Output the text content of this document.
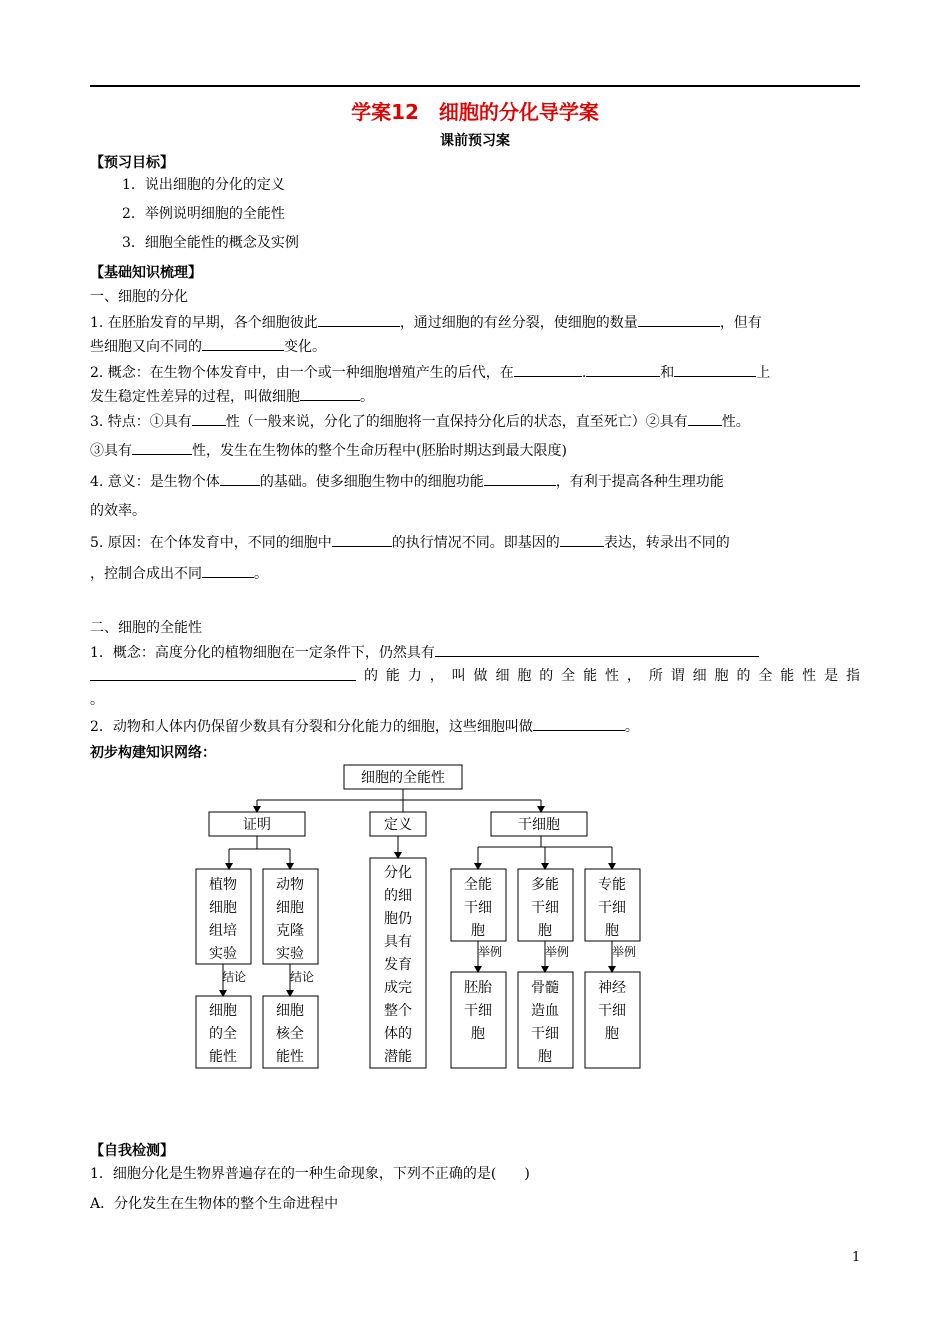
学案12　细胞的分化导学案
课前预习案
【预习目标】
1．说出细胞的分化的定义
2．举例说明细胞的全能性
3．细胞全能性的概念及实例
【基础知识梳理】
一、细胞的分化
1. 在胚胎发育的早期，各个细胞彼此	，通过细胞的有丝分裂，使细胞的数量	，但有
些细胞又向不同的	变化。
2. 概念：在生物个体发育中，由一个或一种细胞增殖产生的后代，在	.	和	上
发生稳定性差异的过程，叫做细胞	。
3. 特点：①具有 性（一般来说，分化了的细胞将一直保持分化后的状态，直至死亡）②具有 性。
③具有	性，发生在生物体的整个生命历程中(胚胎时期达到最大限度)
4. 意义：是生物个体	的基础。使多细胞生物中的细胞功能	，有利于提高各种生理功能
的效率。
5. 原因：在个体发育中，不同的细胞中	的执行情况不同。即基因的	表达，转录出不同的
，控制合成出不同	。
二、细胞的全能性
1．概念：高度分化的植物细胞在一定条件下，仍然具有
的能力，叫做细胞的全能性，所谓细胞的全能性是指
。
2．动物和人体内仍保留少数具有分裂和分化能力的细胞，这些细胞叫做	。
初步构建知识网络：
细胞的全能性
证明	定义	干细胞
植物
细胞
组培
实验
动物
细胞
克隆
实验
结论	结论
细胞
的全
能性
细胞
核全
能性
分化
的细
胞仍
具有
发育
成完
整个
体的
潜能
全能
干细
胞
多能
干细
胞
专能
干细
胞
举例	举例	举例
胚胎
干细
胞
骨髓
造血
干细
胞
神经
干细
胞
【自我检测】
1．细胞分化是生物界普遍存在的一种生命现象，下列不正确的是(　　)
A．分化发生在生物体的整个生命进程中
1
